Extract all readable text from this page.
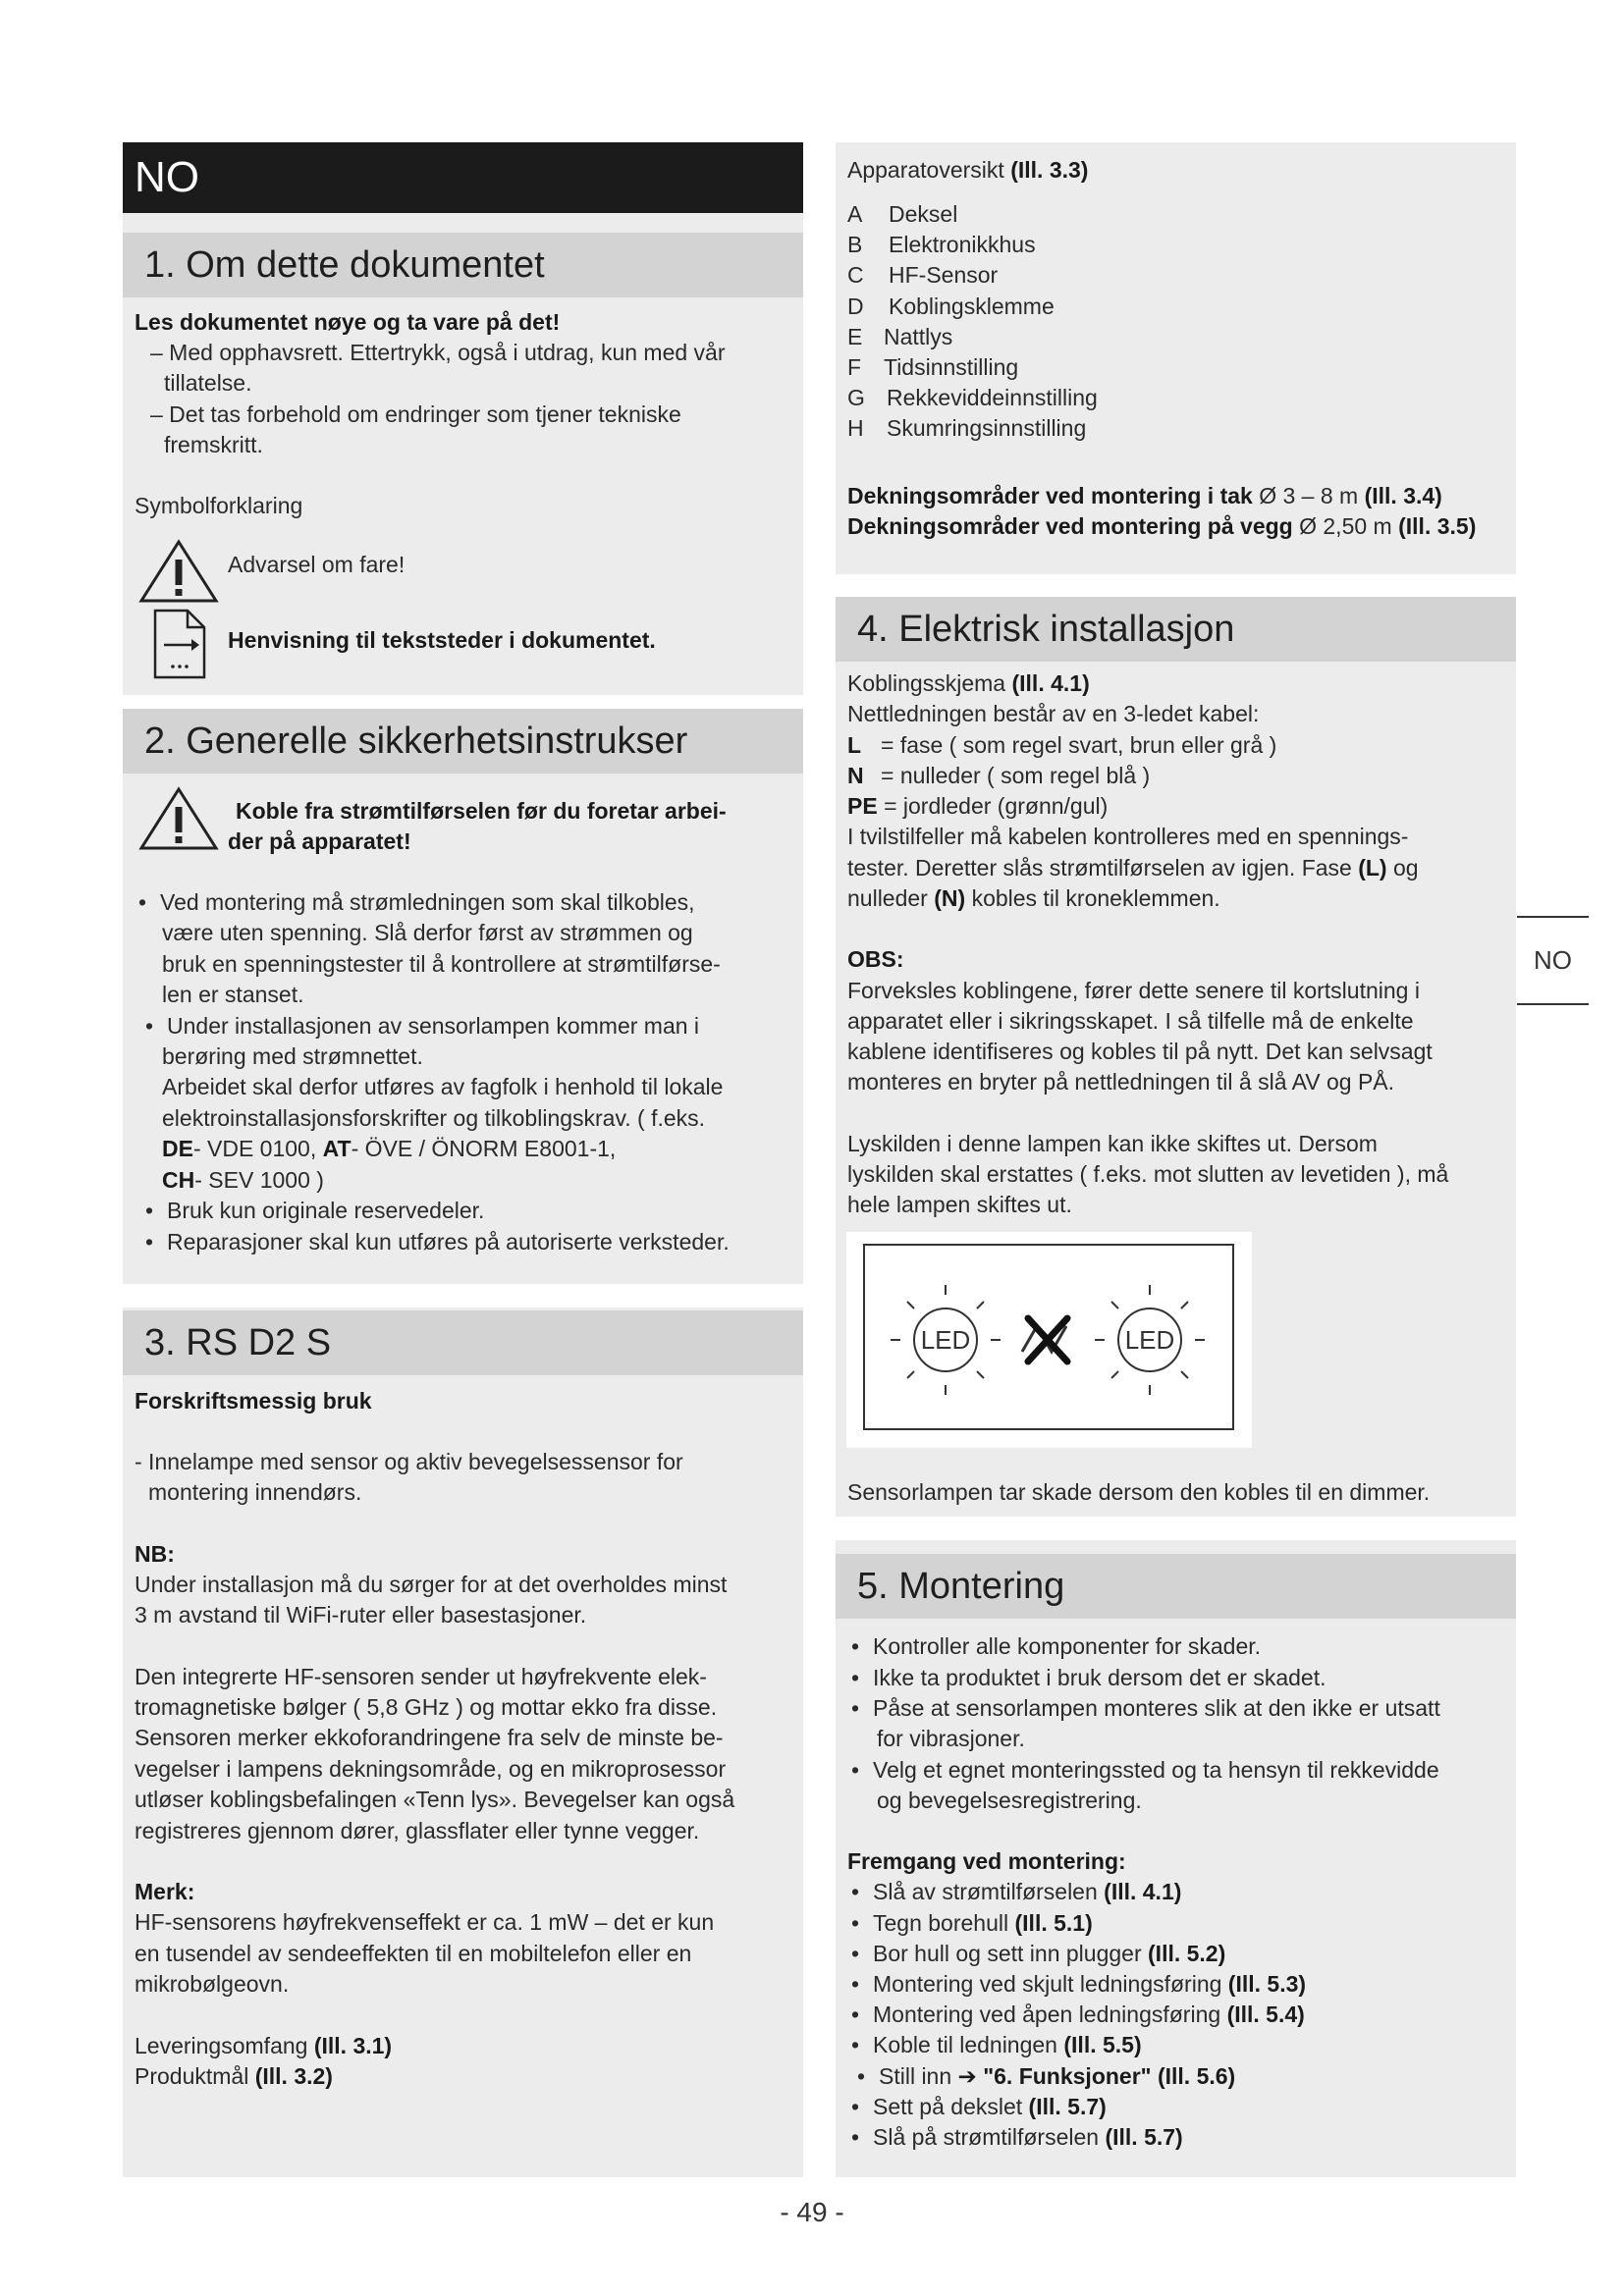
NO
1. Om dette dokumentet
Les dokumentet nøye og ta vare på det!
– Med opphavsrett. Ettertrykk, også i utdrag, kun med vår
tillatelse.
– Det tas forbehold om endringer som tjener tekniske
fremskritt.
Symbolforklaring
Advarsel om fare!
Henvisning til tekststeder i dokumentet.
2. Generelle sikkerhetsinstrukser
Koble fra strømtilførselen før du foretar arbei-
der på apparatet!
• Ved montering må strømledningen som skal tilkobles,
være uten spenning. Slå derfor først av strømmen og
bruk en spenningstester til å kontrollere at strømtilførse-
len er stanset.
• Under installasjonen av sensorlampen kommer man i
berøring med strømnettet.
Arbeidet skal derfor utføres av fagfolk i henhold til lokale
elektroinstallasjonsforskrifter og tilkoblingskrav. ( f.eks.
DE- VDE 0100, AT- ÖVE / ÖNORM E8001-1,
CH- SEV 1000 )
• Bruk kun originale reservedeler.
• Reparasjoner skal kun utføres på autoriserte verksteder.
3. RS D2 S
Forskriftsmessig bruk
- Innelampe med sensor og aktiv bevegelsessensor for
montering innendørs.
NB:
Under installasjon må du sørger for at det overholdes minst
3 m avstand til WiFi-ruter eller basestasjoner.
Den integrerte HF-sensoren sender ut høyfrekvente elek-
tromagnetiske bølger ( 5,8 GHz ) og mottar ekko fra disse.
Sensoren merker ekkoforandringene fra selv de minste be-
vegelser i lampens dekningsområde, og en mikroprosessor
utløser koblingsbefalingen «Tenn lys». Bevegelser kan også
registreres gjennom dører, glassflater eller tynne vegger.
Merk:
HF-sensorens høyfrekvenseffekt er ca. 1 mW – det er kun
en tusendel av sendeeffekten til en mobiltelefon eller en
mikrobølgeovn.
Leveringsomfang (Ill. 3.1)
Produktmål (Ill. 3.2)
Apparatoversikt (Ill. 3.3)
A Deksel
B Elektronikkhus
C HF-Sensor
D Koblingsklemme
E Nattlys
F Tidsinnstilling
G Rekkeviddeinnstilling
H Skumringsinnstilling
Dekningsområder ved montering i tak Ø 3 – 8 m (Ill. 3.4)
Dekningsområder ved montering på vegg Ø 2,50 m (Ill. 3.5)
4. Elektrisk installasjon
Koblingsskjema (Ill. 4.1)
Nettledningen består av en 3-ledet kabel:
L = fase ( som regel svart, brun eller grå )
N = nulleder ( som regel blå )
PE = jordleder (grønn/gul)
I tvilstilfeller må kabelen kontrolleres med en spennings-
tester. Deretter slås strømtilførselen av igjen. Fase (L) og
nulleder (N) kobles til kroneklemmen.
OBS:
Forveksles koblingene, fører dette senere til kortslutning i
apparatet eller i sikringsskapet. I så tilfelle må de enkelte
kablene identifiseres og kobles til på nytt. Det kan selvsagt
monteres en bryter på nettledningen til å slå AV og PÅ.
Lyskilden i denne lampen kan ikke skiftes ut. Dersom
lyskilden skal erstattes ( f.eks. mot slutten av levetiden ), må
hele lampen skiftes ut.
LED	LED
Sensorlampen tar skade dersom den kobles til en dimmer.
5. Montering
• Kontroller alle komponenter for skader.
• Ikke ta produktet i bruk dersom det er skadet.
• Påse at sensorlampen monteres slik at den ikke er utsatt
for vibrasjoner.
• Velg et egnet monteringssted og ta hensyn til rekkevidde
og bevegelsesregistrering.
Fremgang ved montering:
• Slå av strømtilførselen (Ill. 4.1)
• Tegn borehull (Ill. 5.1)
• Bor hull og sett inn plugger (Ill. 5.2)
• Montering ved skjult ledningsføring (Ill. 5.3)
• Montering ved åpen ledningsføring (Ill. 5.4)
• Koble til ledningen (Ill. 5.5)
• Still inn ➔ "6. Funksjoner" (Ill. 5.6)
• Sett på dekslet (Ill. 5.7)
• Slå på strømtilførselen (Ill. 5.7)
NO
- 49 -
